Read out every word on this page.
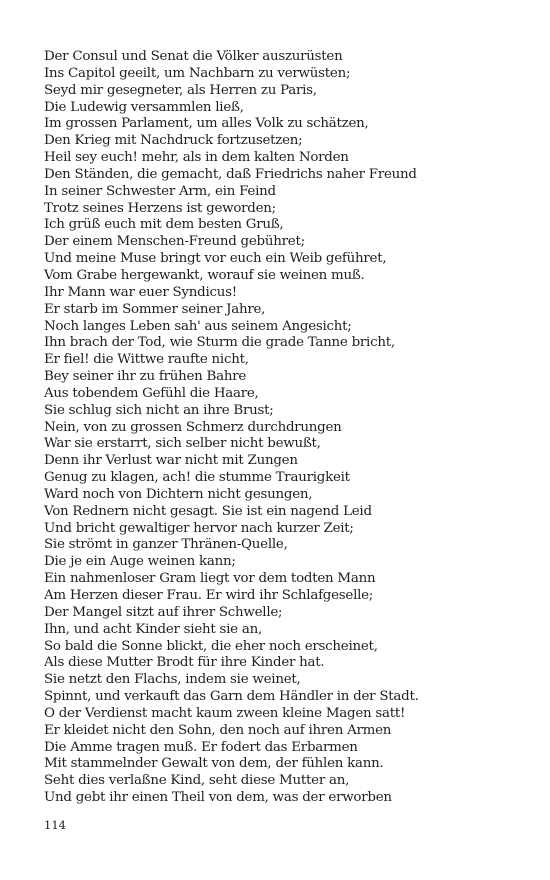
Der Consul und Senat die Völker auszurüsten
Ins Capitol geeilt, um Nachbarn zu verwüsten;
Seyd mir gesegneter, als Herren zu Paris,
Die Ludewig versammlen ließ,
Im grossen Parlament, um alles Volk zu schätzen,
Den Krieg mit Nachdruck fortzusetzen;
Heil sey euch! mehr, als in dem kalten Norden
Den Ständen, die gemacht, daß Friedrichs naher Freund
In seiner Schwester Arm, ein Feind
Trotz seines Herzens ist geworden;
Ich grüß euch mit dem besten Gruß,
Der einem Menschen-Freund gebühret;
Und meine Muse bringt vor euch ein Weib geführet,
Vom Grabe hergewankt, worauf sie weinen muß.
Ihr Mann war euer Syndicus!
Er starb im Sommer seiner Jahre,
Noch langes Leben sah' aus seinem Angesicht;
Ihn brach der Tod, wie Sturm die grade Tanne bricht,
Er fiel! die Wittwe raufte nicht,
Bey seiner ihr zu frühen Bahre
Aus tobendem Gefühl die Haare,
Sie schlug sich nicht an ihre Brust;
Nein, von zu grossen Schmerz durchdrungen
War sie erstarrt, sich selber nicht bewußt,
Denn ihr Verlust war nicht mit Zungen
Genug zu klagen, ach! die stumme Traurigkeit
Ward noch von Dichtern nicht gesungen,
Von Rednern nicht gesagt. Sie ist ein nagend Leid
Und bricht gewaltiger hervor nach kurzer Zeit;
Sie strömt in ganzer Thränen-Quelle,
Die je ein Auge weinen kann;
Ein nahmenloser Gram liegt vor dem todten Mann
Am Herzen dieser Frau. Er wird ihr Schlafgeselle;
Der Mangel sitzt auf ihrer Schwelle;
Ihn, und acht Kinder sieht sie an,
So bald die Sonne blickt, die eher noch erscheinet,
Als diese Mutter Brodt für ihre Kinder hat.
Sie netzt den Flachs, indem sie weinet,
Spinnt, und verkauft das Garn dem Händler in der Stadt.
O der Verdienst macht kaum zween kleine Magen satt!
Er kleidet nicht den Sohn, den noch auf ihren Armen
Die Amme tragen muß. Er fodert das Erbarmen
Mit stammelnder Gewalt von dem, der fühlen kann.
Seht dies verlaßne Kind, seht diese Mutter an,
Und gebt ihr einen Theil von dem, was der erworben
114
